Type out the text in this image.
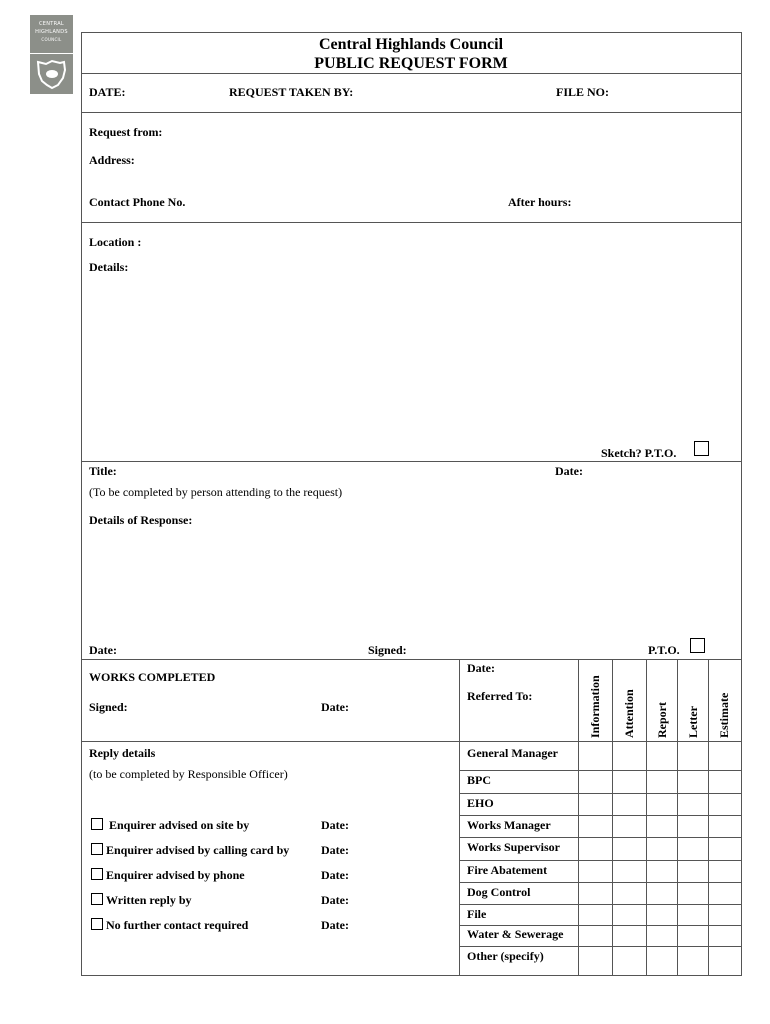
CENTRAL
HIGHLANDS
COUNCIL	Central Highlands Council
PUBLIC REQUEST FORM
DATE:	REQUEST TAKEN BY:	FILE NO:
Request from:
Address:
Contact Phone No.	After hours:
Location :
Details:
Sketch? P.T.O.
Title:	Date:
(To be completed by person attending to the request)
Details of Response:
Date:	Signed:	P.T.O.
WORKS COMPLETED
Signed:	Date:
Reply details
(to be completed by Responsible Officer)
Enquirer advised on site by	Date:
Enquirer advised by calling card by	Date:
Enquirer advised by phone	Date:
Written reply by	Date:
No further contact required	Date:
Date:
Referred To:	Information Attention Report Letter Estimate
General Manager
BPC
EHO
Works Manager
Works Supervisor
Fire Abatement
Dog Control
File
Water & Sewerage
Other (specify)
